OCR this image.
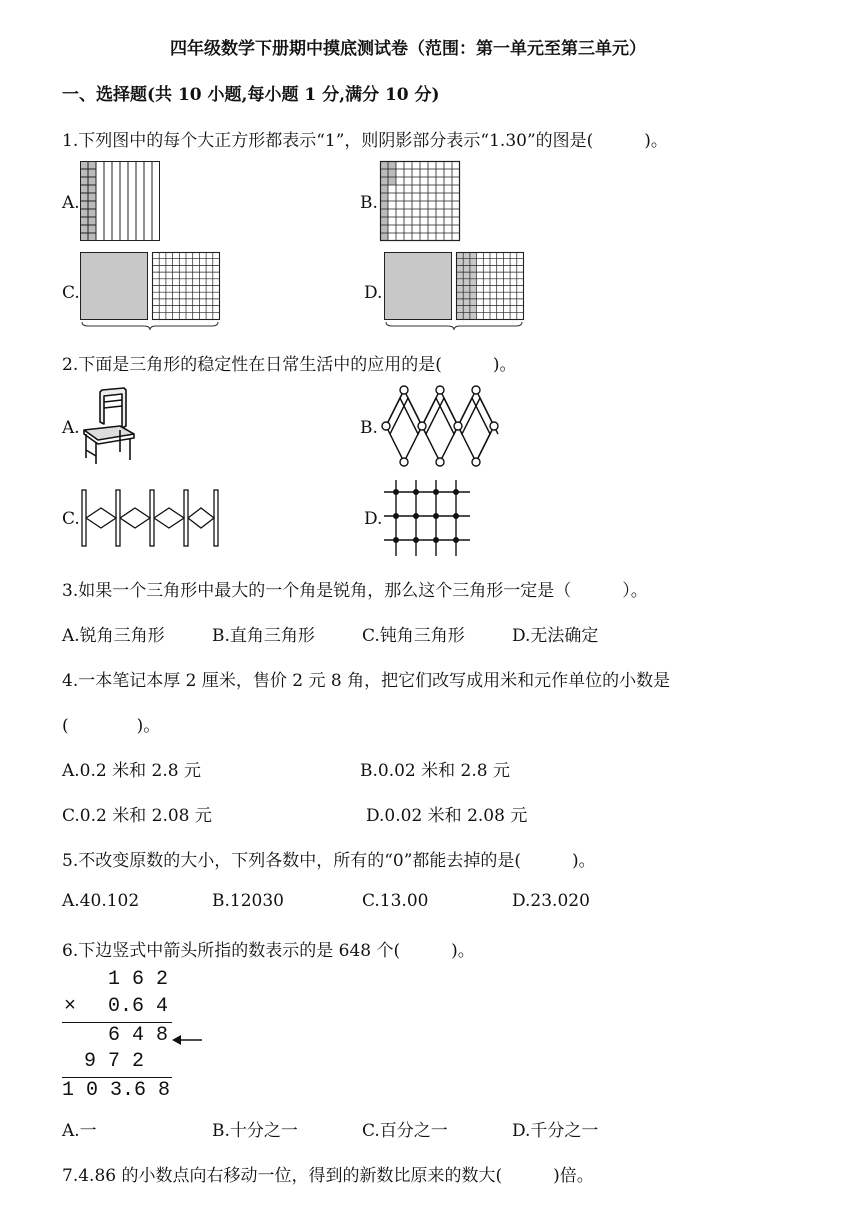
四年级数学下册期中摸底测试卷（范围：第一单元至第三单元）
一、选择题(共 10 小题,每小题 1 分,满分 10 分)
1.下列图中的每个大正方形都表示“1”，则阴影部分表示“1.30”的图是(　　　)。
A.	B.
C.	D.
2.下面是三角形的稳定性在日常生活中的应用的是(　　　)。
A.	B.
C.	D.
3.如果一个三角形中最大的一个角是锐角，那么这个三角形一定是（　　　）。
A.锐角三角形	B.直角三角形	C.钝角三角形	D.无法确定
4.一本笔记本厚 2 厘米，售价 2 元 8 角，把它们改写成用米和元作单位的小数是
(　　　　)。
A.0.2 米和 2.8 元	B.0.02 米和 2.8 元
C.0.2 米和 2.08 元	D.0.02 米和 2.08 元
5.不改变原数的大小，下列各数中，所有的“0”都能去掉的是(　　　)。
A.40.102	B.12030	C.13.00	D.23.020
6.下边竖式中箭头所指的数表示的是 648 个(　　　)。
1 6 2
× 0.6 4
6 4 8
9 7 2
1 0 3.6 8
A.一	B.十分之一	C.百分之一	D.千分之一
7.4.86 的小数点向右移动一位，得到的新数比原来的数大(　　　)倍。
